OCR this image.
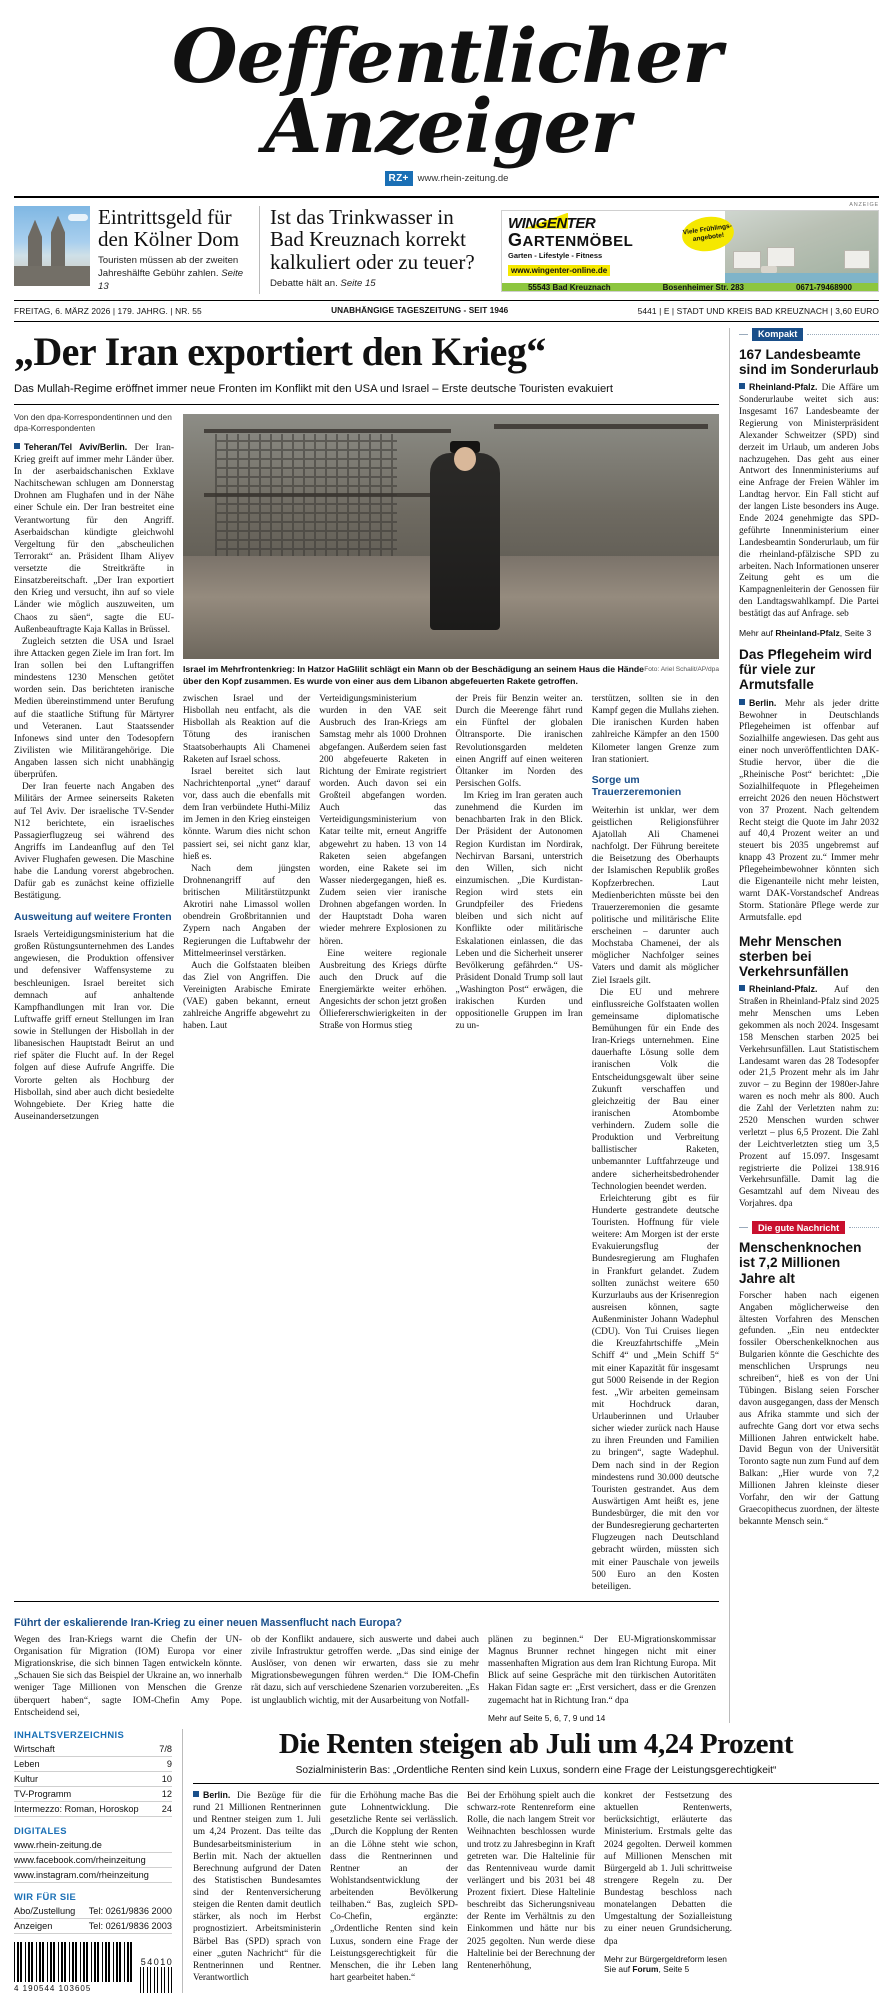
Oeffentlicher Anzeiger
RZ+ www.rhein-zeitung.de
Eintrittsgeld für den Kölner Dom
Touristen müssen ab der zweiten Jahreshälfte Gebühr zahlen. Seite 13
Ist das Trinkwasser in Bad Kreuznach korrekt kalkuliert oder zu teuer?
Debatte hält an. Seite 15
ANZEIGE
WINGENTER
GARTENMÖBEL
Garten - Lifestyle - Fitness
www.wingenter-online.de
Viele Frühlings-angebote!
55543 Bad Kreuznach	Bosenheimer Str. 283	0671-79468900
FREITAG, 6. MÄRZ 2026 | 179. JAHRG. | NR. 55	UNABHÄNGIGE TAGESZEITUNG - SEIT 1946	5441 | E | STADT UND KREIS BAD KREUZNACH | 3,60 EURO
„Der Iran exportiert den Krieg“
Das Mullah-Regime eröffnet immer neue Fronten im Konflikt mit den USA und Israel – Erste deutsche Touristen evakuiert
Von den dpa-Korrespondentinnen und den dpa-Korrespondenten

Teheran/Tel Aviv/Berlin. Der Iran-Krieg greift auf immer mehr Länder über. In der aserbaidschanischen Exklave Nachitschewan schlugen am Donnerstag Drohnen am Flughafen und in der Nähe einer Schule ein. Der Iran bestreitet eine Verantwortung für den Angriff. Aserbaidschan kündigte gleichwohl Vergeltung für den „abscheulichen Terrorakt“ an. Präsident Ilham Aliyev versetzte die Streitkräfte in Einsatzbereitschaft. „Der Iran exportiert den Krieg und versucht, ihn auf so viele Länder wie möglich auszuweiten, um Chaos zu säen“, sagte die EU-Außenbeauftragte Kaja Kallas in Brüssel.

Zugleich setzten die USA und Israel ihre Attacken gegen Ziele im Iran fort. Im Iran sollen bei den Luftangriffen mindestens 1230 Menschen getötet worden sein. Das berichteten iranische Medien übereinstimmend unter Berufung auf die staatliche Stiftung für Märtyrer und Veteranen. Laut Staatssender Infonews sind unter den Todesopfern Zivilisten wie Militärangehörige. Die Angaben lassen sich nicht unabhängig überprüfen.

Der Iran feuerte nach Angaben des Militärs der Armee seinerseits Raketen auf Tel Aviv. Der israelische TV-Sender N12 berichtete, ein israelisches Passagierflugzeug sei während des Angriffs im Landeanflug auf den Tel Aviver Flughafen gewesen. Die Maschine habe die Landung vorerst abgebrochen. Dafür gab es zunächst keine offizielle Bestätigung.

Ausweitung auf weitere Fronten

Israels Verteidigungsministerium hat die großen Rüstungsunternehmen des Landes angewiesen, die Produktion offensiver und defensiver Waffensysteme zu beschleunigen. Israel bereitet sich demnach auf anhaltende Kampfhandlungen mit Iran vor. Die Luftwaffe griff erneut Stellungen im Iran sowie in Stellungen der Hisbollah in der libanesischen Hauptstadt Beirut an und rief später die Flucht auf. In der Regel folgen auf diese Aufrufe Angriffe. Die Vororte gelten als Hochburg der Hisbollah, sind aber auch dicht besiedelte Wohngebiete. Der Krieg hatte die Auseinandersetzungen

Foto: Ariel Schalit/AP/dpa
Israel im Mehrfrontenkrieg: In Hatzor HaGlilit schlägt ein Mann ob der Beschädigung an seinem Haus die Hände über den Kopf zusammen. Es wurde von einer aus dem Libanon abgefeuerten Rakete getroffen.

zwischen Israel und der Hisbollah neu entfacht, als die Hisbollah als Reaktion auf die Tötung des iranischen Staatsoberhaupts Ali Chamenei Raketen auf Israel schoss.

Israel bereitet sich laut Nachrichtenportal „ynet“ darauf vor, dass auch die ebenfalls mit dem Iran verbündete Huthi-Miliz im Jemen in den Krieg einsteigen könnte. Warum dies nicht schon passiert sei, sei nicht ganz klar, hieß es.

Nach dem jüngsten Drohnenangriff auf den britischen Militärstützpunkt Akrotiri nahe Limassol wollen obendrein Großbritannien und Zypern nach Angaben der Regierungen die Luftabwehr der Mittelmeerinsel verstärken.

Auch die Golfstaaten bleiben das Ziel von Angriffen. Die Vereinigten Arabische Emirate (VAE) gaben bekannt, erneut zahlreiche Angriffe abgewehrt zu haben. Laut

Verteidigungsministerium wurden in den VAE seit Ausbruch des Iran-Kriegs am Samstag mehr als 1000 Drohnen abgefangen. Außerdem seien fast 200 abgefeuerte Raketen in Richtung der Emirate registriert worden. Auch davon sei ein Großteil abgefangen worden. Auch das Verteidigungsministerium von Katar teilte mit, erneut Angriffe abgewehrt zu haben. 13 von 14 Raketen seien abgefangen worden, eine Rakete sei im Wasser niedergegangen, hieß es. Zudem seien vier iranische Drohnen abgefangen worden. In der Hauptstadt Doha waren wieder mehrere Explosionen zu hören.

Eine weitere regionale Ausbreitung des Kriegs dürfte auch den Druck auf die Energiemärkte weiter erhöhen. Angesichts der schon jetzt großen Ölliefererschwierigkeiten in der Straße von Hormus stieg

der Preis für Benzin weiter an. Durch die Meerenge fährt rund ein Fünftel der globalen Öltransporte. Die iranischen Revolutionsgarden meldeten einen Angriff auf einen weiteren Öltanker im Norden des Persischen Golfs.

Im Krieg im Iran geraten auch zunehmend die Kurden im benachbarten Irak in den Blick. Der Präsident der Autonomen Region Kurdistan im Nordirak, Nechirvan Barsani, unterstrich den Willen, sich nicht einzumischen. „Die Kurdistan-Region wird stets ein Grundpfeiler des Friedens bleiben und sich nicht auf Konflikte oder militärische Eskalationen einlassen, die das Leben und die Sicherheit unserer Bevölkerung gefährden.“ US-Präsident Donald Trump soll laut „Washington Post“ erwägen, die irakischen Kurden und oppositionelle Gruppen im Iran zu un-

terstützen, sollten sie in den Kampf gegen die Mullahs ziehen. Die iranischen Kurden haben zahlreiche Kämpfer an den 1500 Kilometer langen Grenze zum Iran stationiert.

Sorge um Trauerzeremonien

Weiterhin ist unklar, wer dem geistlichen Religionsführer Ajatollah Ali Chamenei nachfolgt. Der Führung bereitete die Beisetzung des Oberhaupts der Islamischen Republik großes Kopfzerbrechen. Laut Medienberichten müsste bei den Trauerzeremonien die gesamte politische und militärische Elite erscheinen – darunter auch Mochstaba Chamenei, der als möglicher Nachfolger seines Vaters und damit als möglicher Ziel Israels gilt.

Die EU und mehrere einflussreiche Golfstaaten wollen gemeinsame diplomatische Bemühungen für ein Ende des Iran-Kriegs unternehmen. Eine dauerhafte Lösung solle dem iranischen Volk die Entscheidungsgewalt über seine Zukunft verschaffen und gleichzeitig der Bau einer iranischen Atombombe verhindern. Zudem solle die Produktion und Verbreitung ballistischer Raketen, unbemannter Luftfahrzeuge und andere sicherheitsbedrohender Technologien beendet werden.

Erleichterung gibt es für Hunderte gestrandete deutsche Touristen. Hoffnung für viele weitere: Am Morgen ist der erste Evakuierungsflug der Bundesregierung am Flughafen in Frankfurt gelandet. Zudem sollten zunächst weitere 650 Kurzurlaubs aus der Krisenregion ausreisen können, sagte Außenminister Johann Wadephul (CDU). Von Tui Cruises liegen die Kreuzfahrtschiffe „Mein Schiff 4“ und „Mein Schiff 5“ mit einer Kapazität für insgesamt gut 5000 Reisende in der Region fest. „Wir arbeiten gemeinsam mit Hochdruck daran, Urlauberinnen und Urlauber sicher wieder zurück nach Hause zu ihren Freunden und Familien zu bringen“, sagte Wadephul. Dem nach sind in der Region mindestens rund 30.000 deutsche Touristen gestrandet. Aus dem Auswärtigen Amt heißt es, jene Bundesbürger, die mit den vor der Bundesregierung gecharterten Flugzeugen nach Deutschland gebracht würden, müssten sich mit einer Pauschale von jeweils 500 Euro an den Kosten beteiligen.

Führt der eskalierende Iran-Krieg zu einer neuen Massenflucht nach Europa?

Wegen des Iran-Kriegs warnt die Chefin der UN-Organisation für Migration (IOM) Europa vor einer Migrationskrise, die sich binnen Tagen entwickeln könnte. „Schauen Sie sich das Beispiel der Ukraine an, wo innerhalb weniger Tage Millionen von Menschen die Grenze überquert haben“, sagte IOM-Chefin Amy Pope. Entscheidend sei,

ob der Konflikt andauere, sich auswerte und dabei auch zivile Infrastruktur getroffen werde. „Das sind einige der Auslöser, von denen wir erwarten, dass sie zu mehr Migrationsbewegungen führen werden.“ Die IOM-Chefin rät dazu, sich auf verschiedene Szenarien vorzubereiten. „Es ist unglaublich wichtig, mit der Ausarbeitung von Notfall-

plänen zu beginnen.“ Der EU-Migrationskommissar Magnus Brunner rechnet hingegen nicht mit einer massenhaften Migration aus dem Iran Richtung Europa. Mit Blick auf seine Gespräche mit den türkischen Autoritäten Hakan Fidan sagte er: „Erst versichert, dass er die Grenzen zugemacht hat in Richtung Iran.“ dpa

Mehr auf Seite 5, 6, 7, 9 und 14
Kompakt
167 Landesbeamte sind im Sonderurlaub

Rheinland-Pfalz. Die Affäre um Sonderurlaube weitet sich aus: Insgesamt 167 Landesbeamte der Regierung von Ministerpräsident Alexander Schweitzer (SPD) sind derzeit im Urlaub, um anderen Jobs nachzugehen. Das geht aus einer Antwort des Innenministeriums auf eine Anfrage der Freien Wähler im Landtag hervor. Ein Fall sticht auf der langen Liste besonders ins Auge. Ende 2024 genehmigte das SPD-geführte Innenministerium einer Landesbeamtin Sonderurlaub, um für die rheinland-pfälzische SPD zu arbeiten. Nach Informationen unserer Zeitung geht es um die Kampagnenleiterin der Genossen für den Landtagswahlkampf. Die Partei bestätigt das auf Anfrage. seb

Mehr auf Rheinland-Pfalz, Seite 3
Das Pflegeheim wird für viele zur Armutsfalle

Berlin. Mehr als jeder dritte Bewohner in Deutschlands Pflegeheimen ist offenbar auf Sozialhilfe angewiesen. Das geht aus einer noch unveröffentlichten DAK-Studie hervor, über die die „Rheinische Post“ berichtet: „Die Sozialhilfequote in Pflegeheimen erreicht 2026 den neuen Höchstwert von 37 Prozent. Nach geltendem Recht steigt die Quote im Jahr 2032 auf 40,4 Prozent weiter an und steuert bis 2035 ungebremst auf knapp 43 Prozent zu.“ Immer mehr Pflegeheimbewohner könnten sich die Eigenanteile nicht mehr leisten, warnt DAK-Vorstandschef Andreas Storm. Stationäre Pflege werde zur Armutsfalle. epd

Mehr Menschen sterben bei Verkehrsunfällen

Rheinland-Pfalz. Auf den Straßen in Rheinland-Pfalz sind 2025 mehr Menschen ums Leben gekommen als noch 2024. Insgesamt 158 Menschen starben 2025 bei Verkehrsunfällen. Laut Statistischem Landesamt waren das 28 Todesopfer oder 21,5 Prozent mehr als im Jahr zuvor – zu Beginn der 1980er-Jahre waren es noch mehr als 800. Auch die Zahl der Verletzten nahm zu: 2520 Menschen wurden schwer verletzt – plus 6,5 Prozent. Die Zahl der Leichtverletzten stieg um 3,5 Prozent auf 15.097. Insgesamt registrierte die Polizei 138.916 Verkehrsunfälle. Damit lag die Gesamtzahl auf dem Niveau des Vorjahres. dpa

Die gute Nachricht
Menschenknochen ist 7,2 Millionen Jahre alt

Forscher haben nach eigenen Angaben möglicherweise den ältesten Vorfahren des Menschen gefunden. „Ein neu entdeckter fossiler Oberschenkelknochen aus Bulgarien könnte die Geschichte des menschlichen Ursprungs neu schreiben“, hieß es von der Uni Tübingen. Bislang seien Forscher davon ausgegangen, dass der Mensch aus Afrika stammte und sich der aufrechte Gang dort vor etwa sechs Millionen Jahren entwickelt habe. David Begun von der Universität Toronto sagte nun zum Fund auf dem Balkan: „Hier wurde von 7,2 Millionen Jahren kleinste dieser Vorfahr, den wir der Gattung Graecopithecus zuordnen, der älteste bekannte Mensch sein.“

INHALTSVERZEICHNIS
Wirtschaft	7/8
Leben	9
Kultur	10
TV-Programm	12
Intermezzo: Roman, Horoskop	24
DIGITALES
www.rhein-zeitung.de
www.facebook.com/rheinzeitung
www.instagram.com/rheinzeitung
WIR FÜR SIE
Abo/Zustellung Tel: 0261/9836 2000
Anzeigen	Tel: 0261/9836 2003
4 190544 103605
54010
Die Renten steigen ab Juli um 4,24 Prozent
Sozialministerin Bas: „Ordentliche Renten sind kein Luxus, sondern eine Frage der Leistungsgerechtigkeit“

Berlin. Die Bezüge für die rund 21 Millionen Rentnerinnen und Rentner steigen zum 1. Juli um 4,24 Prozent. Das teilte das Bundesarbeitsministerium in Berlin mit. Nach der aktuellen Berechnung aufgrund der Daten des Statistischen Bundesamtes sind der Rentenversicherung steigen die Renten damit deutlich stärker, als noch im Herbst prognostiziert. Arbeitsministerin Bärbel Bas (SPD) sprach von einer „guten Nachricht“ für die Rentnerinnen und Rentner. Verantwortlich

für die Erhöhung mache Bas die gute Lohnentwicklung. Die gesetzliche Rente sei verlässlich. „Durch die Kopplung der Renten an die Löhne steht wie schon, dass die Rentnerinnen und Rentner an der Wohlstandsentwicklung der arbeitenden Bevölkerung teilhaben.“ Bas, zugleich SPD-Co-Chefin, ergänzte: „Ordentliche Renten sind kein Luxus, sondern eine Frage der Leistungsgerechtigkeit für die Menschen, die ihr Leben lang hart gearbeitet haben.“

Bei der Erhöhung spielt auch die schwarz-rote Rentenreform eine Rolle, die nach langem Streit vor Weihnachten beschlossen wurde und trotz zu Jahresbeginn in Kraft getreten war. Die Haltelinie für das Rentenniveau wurde damit verlängert und bis 2031 bei 48 Prozent fixiert. Diese Haltelinie beschreibt das Sicherungsniveau der Rente im Verhältnis zu den Einkommen und hätte nur bis 2025 gegolten. Nun werde diese Haltelinie bei der Berechnung der Rentenerhöhung,

konkret der Festsetzung des aktuellen Rentenwerts, berücksichtigt, erläuterte das Ministerium. Erstmals gelte das 2024 gegolten. Derweil kommen auf Millionen Menschen mit Bürgergeld ab 1. Juli schrittweise strengere Regeln zu. Der Bundestag beschloss nach monatelangen Debatten die Umgestaltung der Sozialleistung zu einer neuen Grundsicherung. dpa

Mehr zur Bürgergeldreform lesen Sie auf Forum, Seite 5
